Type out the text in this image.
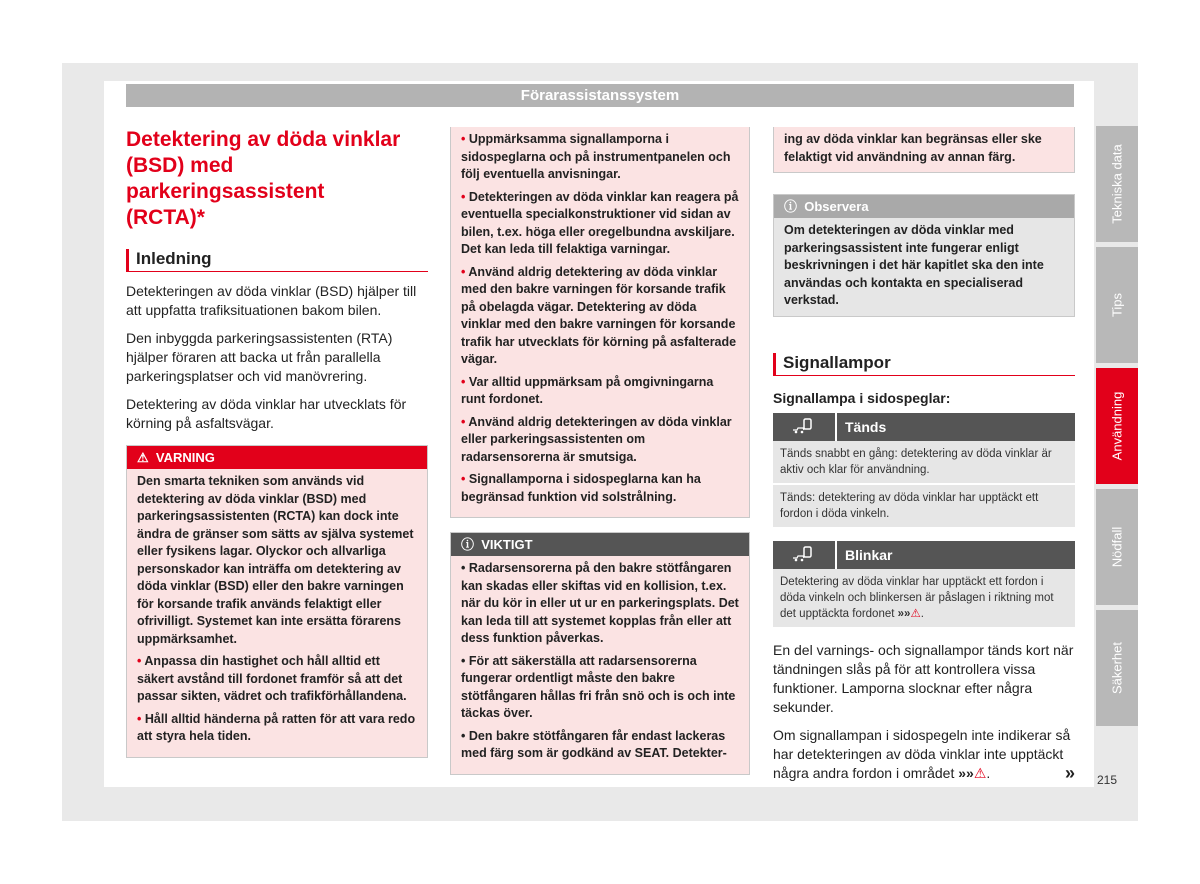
Förarassistanssystem
Detektering av döda vinklar
(BSD) med parkeringsassistent
(RCTA)*
Inledning

Detekteringen av döda vinklar (BSD) hjälper till att uppfatta trafiksituationen bakom bilen.

Den inbyggda parkeringsassistenten (RTA) hjälper föraren att backa ut från parallella parkeringsplatser och vid manövrering.

Detektering av döda vinklar har utvecklats för körning på asfaltsvägar.

⚠ VARNING
Den smarta tekniken som används vid detektering av döda vinklar (BSD) med parkeringsassistenten (RCTA) kan dock inte ändra de gränser som sätts av själva systemet eller fysikens lagar. Olyckor och allvarliga personskador kan inträffa om detektering av döda vinklar (BSD) eller den bakre varningen för korsande trafik används felaktigt eller ofrivilligt. Systemet kan inte ersätta förarens uppmärksamhet.
• Anpassa din hastighet och håll alltid ett säkert avstånd till fordonet framför så att det passar sikten, vädret och trafikförhållandena.
• Håll alltid händerna på ratten för att vara redo att styra hela tiden.
• Uppmärksamma signallamporna i sidospeglarna och på instrumentpanelen och följ eventuella anvisningar.
• Detekteringen av döda vinklar kan reagera på eventuella specialkonstruktioner vid sidan av bilen, t.ex. höga eller oregelbundna avskiljare. Det kan leda till felaktiga varningar.
• Använd aldrig detektering av döda vinklar med den bakre varningen för korsande trafik på obelagda vägar. Detektering av döda vinklar med den bakre varningen för korsande trafik har utvecklats för körning på asfalterade vägar.
• Var alltid uppmärksam på omgivningarna runt fordonet.
• Använd aldrig detekteringen av döda vinklar eller parkeringsassistenten om radarsensorerna är smutsiga.
• Signallamporna i sidospeglarna kan ha begränsad funktion vid solstrålning.
ⓘ VIKTIGT
• Radarsensorerna på den bakre stötfångaren kan skadas eller skiftas vid en kollision, t.ex. när du kör in eller ut ur en parkeringsplats. Det kan leda till att systemet kopplas från eller att dess funktion påverkas.
• För att säkerställa att radarsensorerna fungerar ordentligt måste den bakre stötfångaren hållas fri från snö och is och inte täckas över.
• Den bakre stötfångaren får endast lackeras med färg som är godkänd av SEAT. Detekter-
ing av döda vinklar kan begränsas eller ske felaktigt vid användning av annan färg.
ⓘ Observera
Om detekteringen av döda vinklar med parkeringsassistent inte fungerar enligt beskrivningen i det här kapitlet ska den inte användas och kontakta en specialiserad verkstad.
Signallampor
Signallampa i sidospeglar:
Tänds
Tänds snabbt en gång: detektering av döda vinklar är aktiv och klar för användning.
Tänds: detektering av döda vinklar har upptäckt ett fordon i döda vinkeln.
Blinkar
Detektering av döda vinklar har upptäckt ett fordon i döda vinkeln och blinkersen är påslagen i riktning mot det upptäckta fordonet »»⚠.

En del varnings- och signallampor tänds kort när tändningen slås på för att kontrollera vissa funktioner. Lamporna slocknar efter några sekunder.

Om signallampan i sidospegeln inte indikerar så har detekteringen av döda vinklar inte upptäckt några andra fordon i området »»⚠.	»

Tekniska data
Tips
Användning
Nödfall
Säkerhet
215
